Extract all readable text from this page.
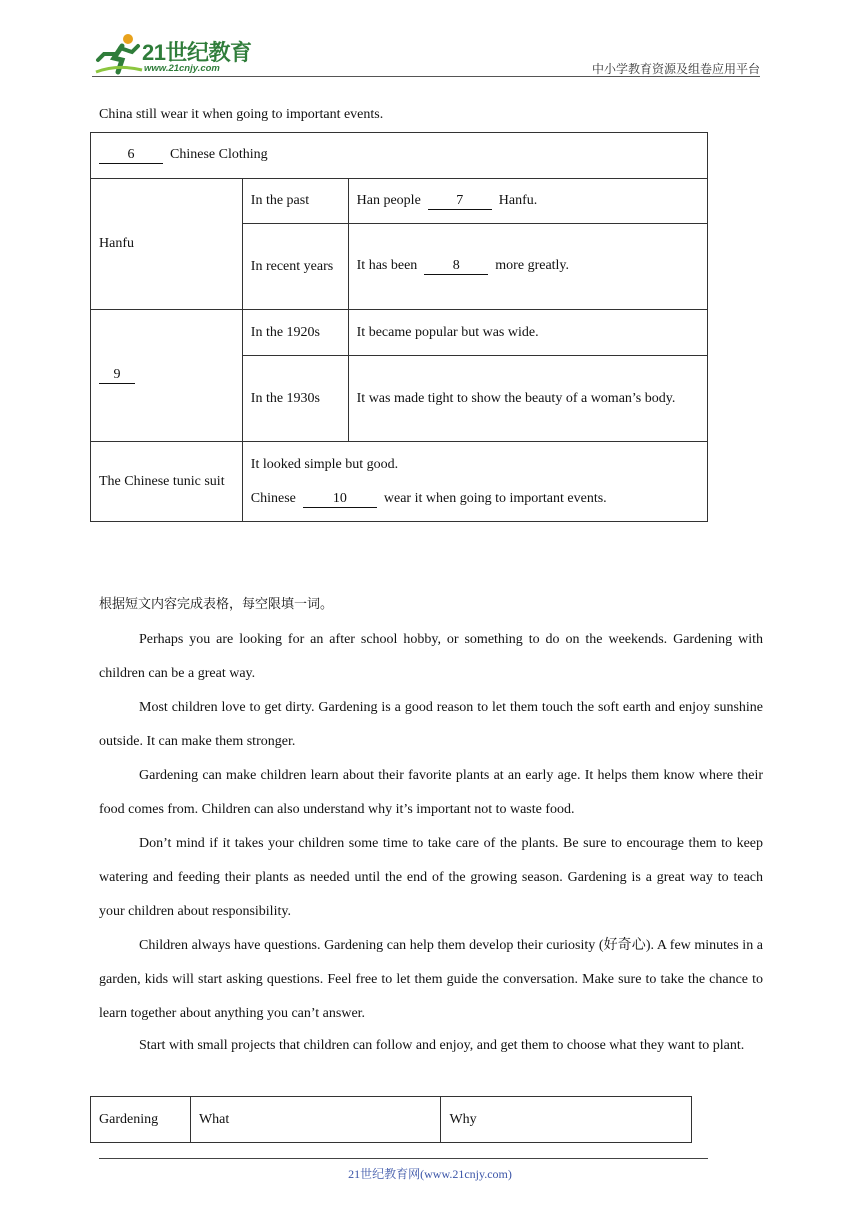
21世纪教育
www.21cnjy.com	中小学教育资源及组卷应用平台
China still wear it when going to important events.
6 Chinese Clothing		
Hanfu	In the past	Han people 7 Hanfu.
	In recent years	It has been 8 more greatly.
9	In the 1920s	It became popular but was wide.
	In the 1930s	It was made tight to show the beauty of a woman’s body.
The Chinese tunic suit	It looked simple but good.
Chinese 10 wear it when going to important events.	
根据短文内容完成表格，每空限填一词。
Perhaps you are looking for an after school hobby, or something to do on the weekends. Gardening with children can be a great way.
Most children love to get dirty. Gardening is a good reason to let them touch the soft earth and enjoy sunshine outside. It can make them stronger.
Gardening can make children learn about their favorite plants at an early age. It helps them know where their food comes from. Children can also understand why it’s important not to waste food.
Don’t mind if it takes your children some time to take care of the plants. Be sure to encourage them to keep watering and feeding their plants as needed until the end of the growing season. Gardening is a great way to teach your children about responsibility.
Children always have questions. Gardening can help them develop their curiosity (好奇心). A few minutes in a garden, kids will start asking questions. Feel free to let them guide the conversation. Make sure to take the chance to learn together about anything you can’t answer.
Start with small projects that children can follow and enjoy, and get them to choose what they want to plant.
Gardening	What	Why
21世纪教育网(www.21cnjy.com)
